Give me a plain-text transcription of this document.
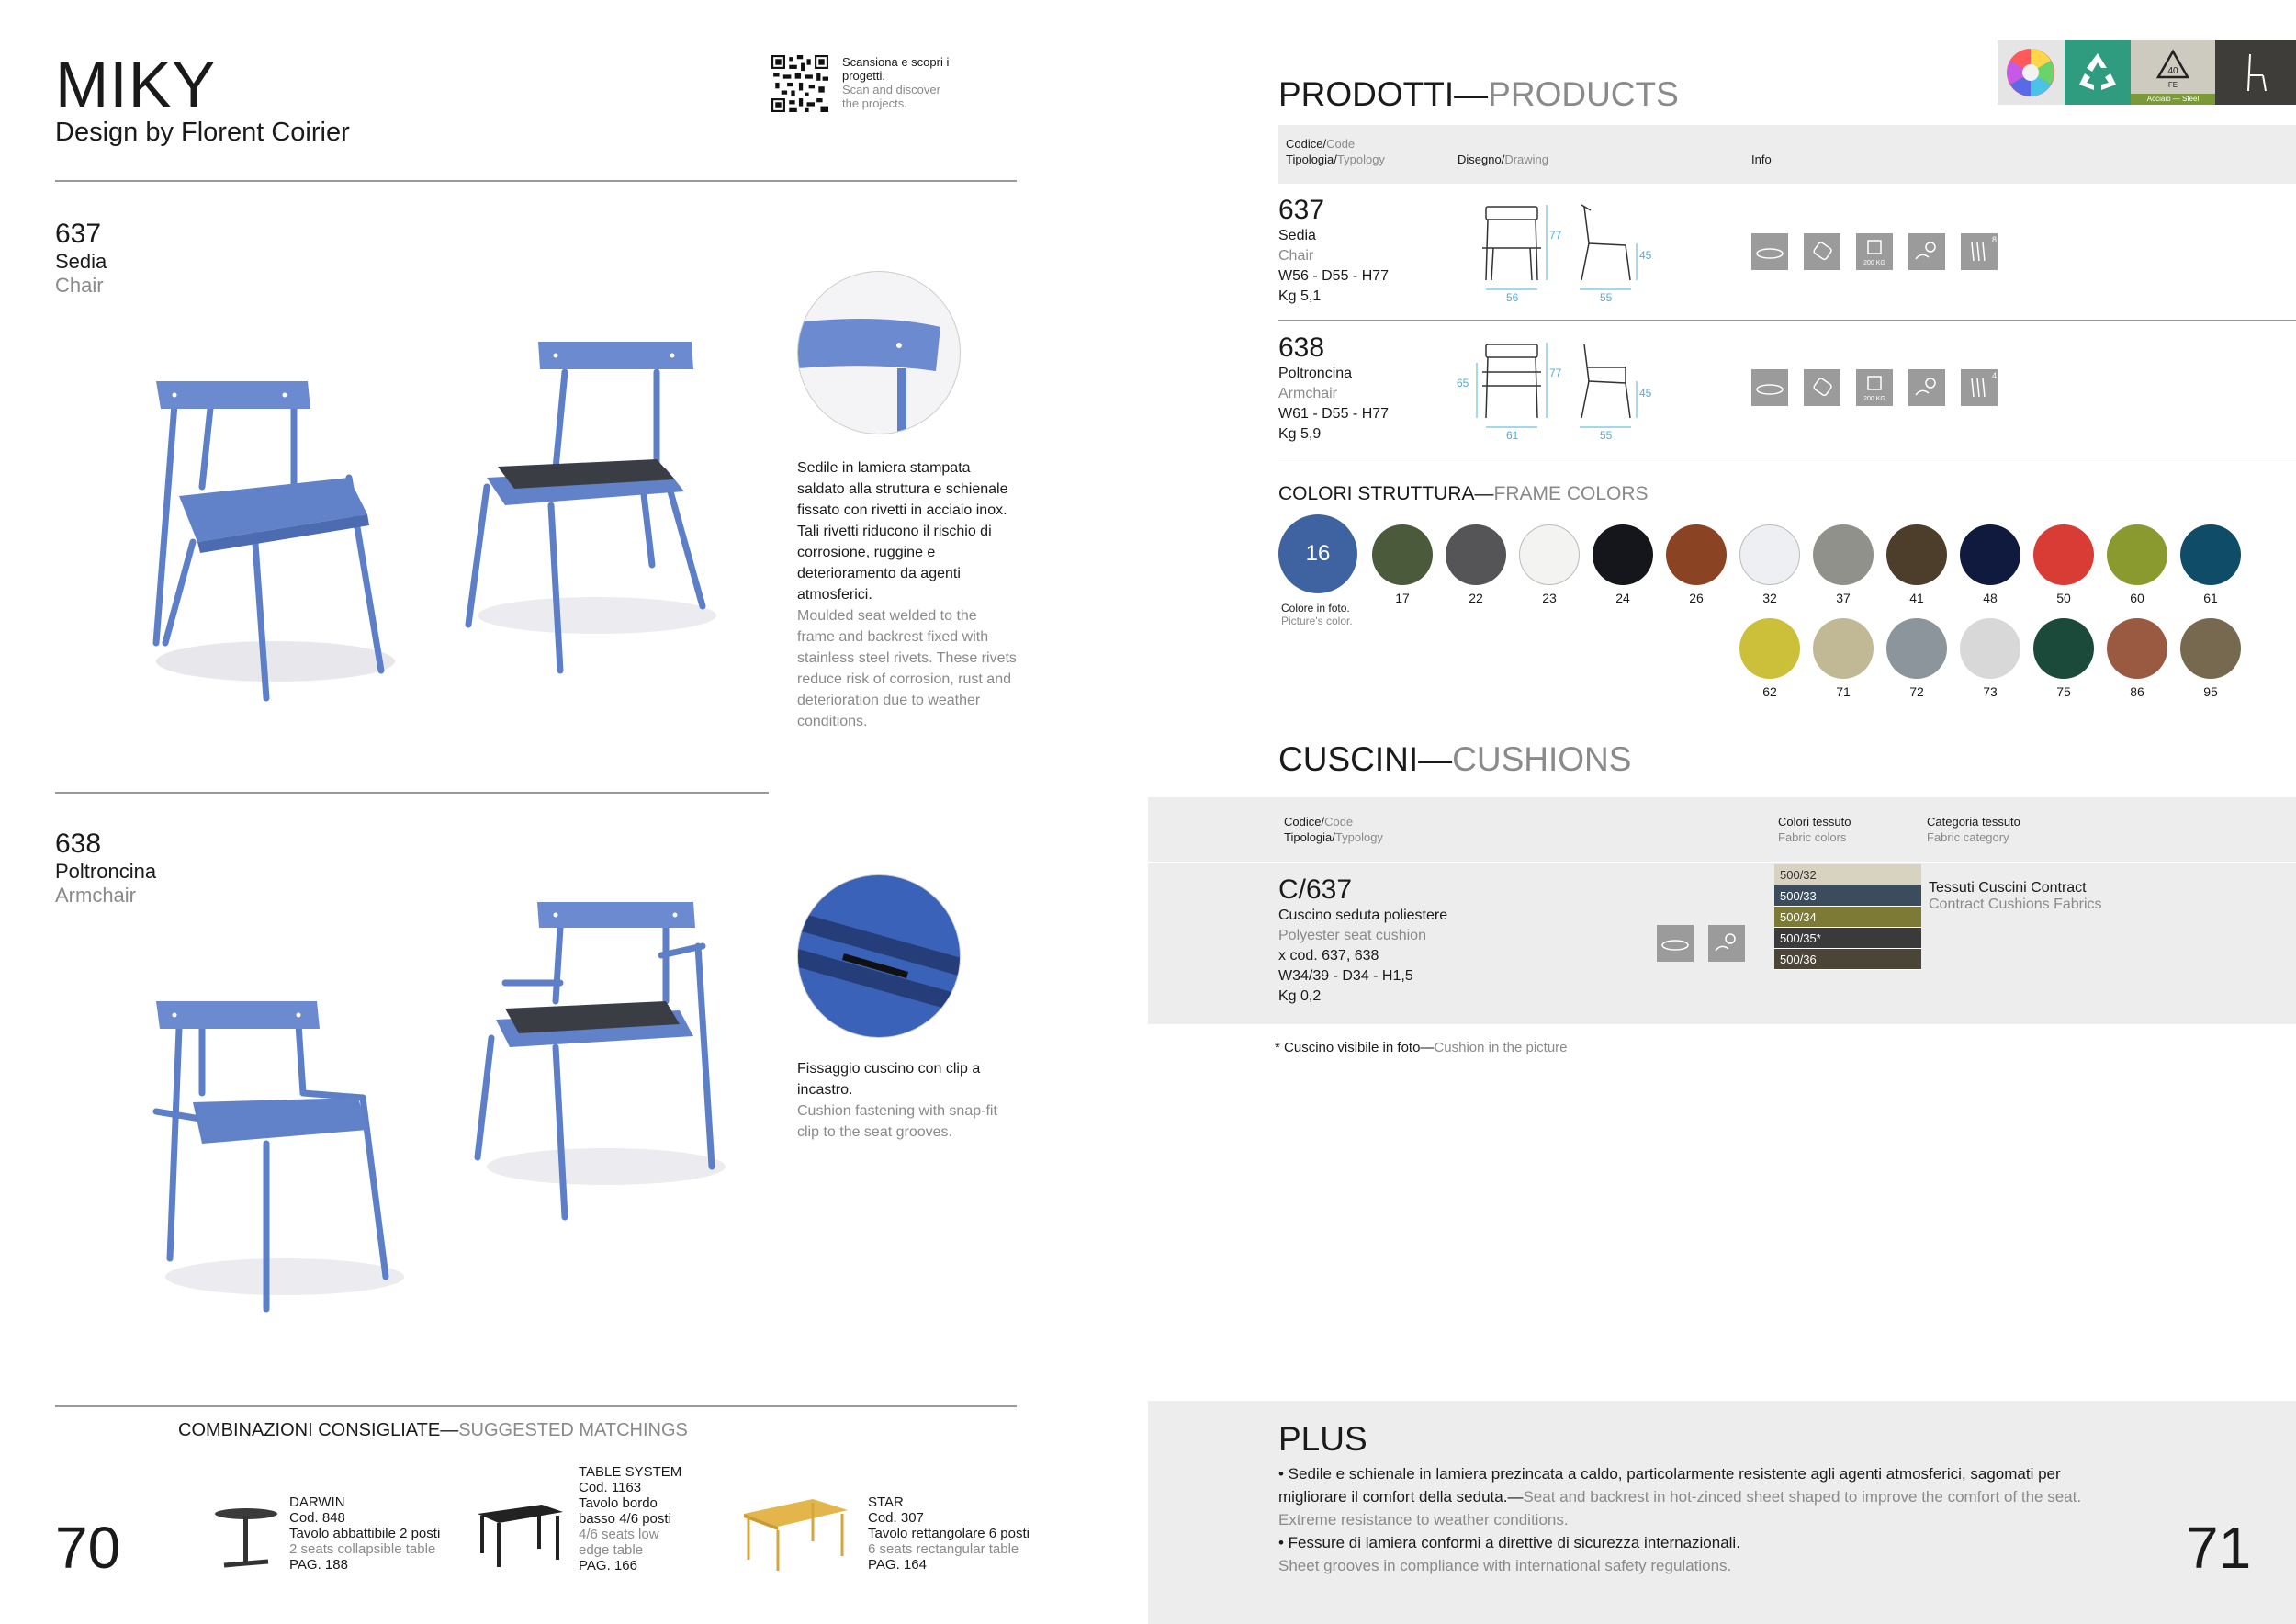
MIKY
Design by Florent Coirier
Scansiona e scopri i progetti.
Scan and discover the projects.
637
Sedia
Chair
Sedile in lamiera stampata saldato alla struttura e schienale fissato con rivetti in acciaio inox. Tali rivetti riducono il rischio di corrosione, ruggine e deterioramento da agenti atmosferici.
Moulded seat welded to the frame and backrest fixed with stainless steel rivets. These rivets reduce risk of corrosion, rust and deterioration due to weather conditions.
638
Poltroncina
Armchair
Fissaggio cuscino con clip a incastro.
Cushion fastening with snap-fit clip to the seat grooves.
COMBINAZIONI CONSIGLIATE—SUGGESTED MATCHINGS
70
DARWIN
Cod. 848
Tavolo abbattibile 2 posti
2 seats collapsible table
PAG. 188
TABLE SYSTEM
Cod. 1163
Tavolo bordo basso 4/6 posti
4/6 seats low edge table
PAG. 166
STAR
Cod. 307
Tavolo rettangolare 6 posti
6 seats rectangular table
PAG. 164
40
FE
Acciaio — Steel
PRODOTTI—PRODUCTS
Codice/Code
Tipologia/Typology	Disegno/Drawing	Info
637
Sedia
Chair
W56 - D55 - H77
Kg 5,1
77
45
56	55
200 KG
8
638
Poltroncina
Armchair
W61 - D55 - H77
Kg 5,9
65
77
45
61	55
200 KG
4
COLORI STRUTTURA—FRAME COLORS
16
Colore in foto.
Picture's color.
17	22	23	24	26	32	37	41	48	50	60	61
62	71	72	73	75	86	95
CUSCINI—CUSHIONS
Codice/Code
Tipologia/Typology
Colori tessuto
Fabric colors
Categoria tessuto
Fabric category
C/637
Cuscino seduta poliestere
Polyester seat cushion
x cod. 637, 638
W34/39 - D34 - H1,5
Kg 0,2
500/32
500/33
500/34
500/35*
500/36
Tessuti Cuscini Contract
Contract Cushions Fabrics
* Cuscino visibile in foto—Cushion in the picture
PLUS
• Sedile e schienale in lamiera prezincata a caldo, particolarmente resistente agli agenti atmosferici, sagomati per migliorare il comfort della seduta.—Seat and backrest in hot-zinced sheet shaped to improve the comfort of the seat. Extreme resistance to weather conditions.
• Fessure di lamiera conformi a direttive di sicurezza internazionali.
Sheet grooves in compliance with international safety regulations.	71
